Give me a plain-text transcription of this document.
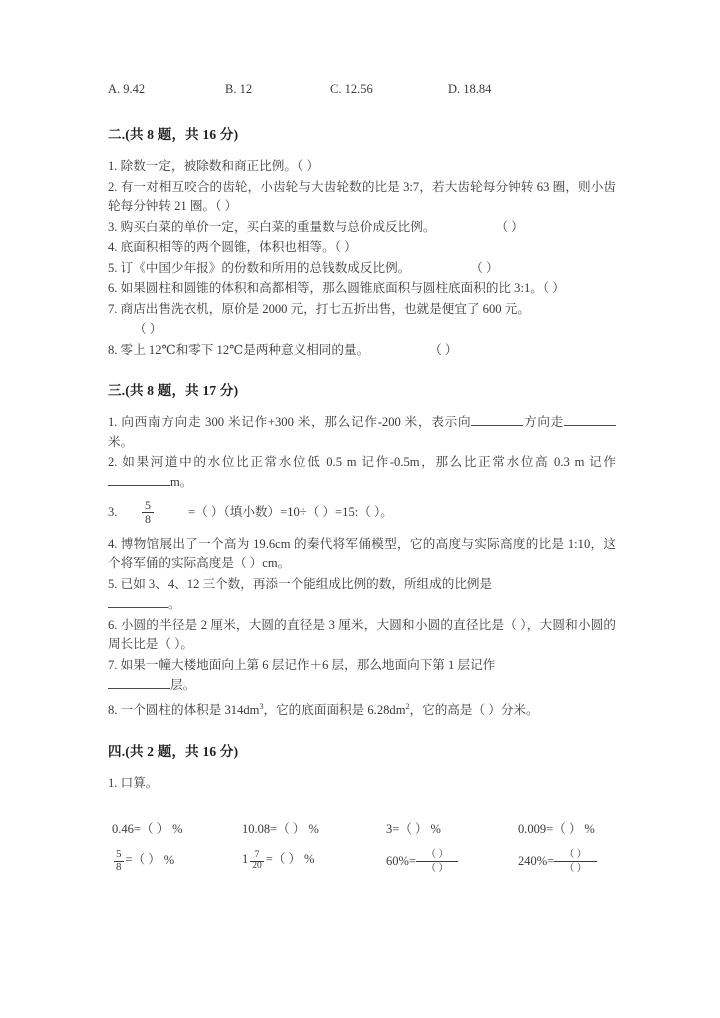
A. 9.42	B. 12	C. 12.56	D. 18.84
二.(共 8 题，共 16 分)
1. 除数一定，被除数和商正比例。（ ）
2. 有一对相互咬合的齿轮，小齿轮与大齿轮数的比是 3:7，若大齿轮每分钟转 63 圈，则小齿轮每分钟转 21 圈。（ ）
3. 购买白菜的单价一定，买白菜的重量数与总价成反比例。	（ ）
4. 底面积相等的两个圆锥，体积也相等。（ ）
5. 订《中国少年报》的份数和所用的总钱数成反比例。	（ ）
6. 如果圆柱和圆锥的体积和高都相等，那么圆锥底面积与圆柱底面积的比 3:1。（ ）
7. 商店出售洗衣机，原价是 2000 元，打七五折出售，也就是便宜了 600 元。
（ ）
8. 零上 12℃和零下 12℃是两种意义相同的量。	（ ）
三.(共 8 题，共 17 分)
1. 向西南方向走 300 米记作+300 米，那么记作-200 米，表示向	方向走米。
2. 如果河道中的水位比正常水位低 0.5 m 记作-0.5m，那么比正常水位高 0.3 m 记作m。
3. $\frac{5}{8}$	=（ ）（填小数）=10÷（ ）=15:（ ）。
4. 博物馆展出了一个高为 19.6cm 的秦代将军俑模型，它的高度与实际高度的比是 1:10，这个将军俑的实际高度是（ ）cm。
5. 已如 3、4、12 三个数，再添一个能组成比例的数，所组成的比例是
。
6. 小圆的半径是 2 厘米，大圆的直径是 3 厘米，大圆和小圆的直径比是（ ），大圆和小圆的周长比是（ ）。
7. 如果一幢大楼地面向上第 6 层记作＋6 层，那么地面向下第 1 层记作
层。
8. 一个圆柱的体积是 $314dm^3$，它的底面面积是 $6.28dm^2$，它的高是（ ）分米。
四.(共 2 题，共 16 分)
1. 口算。
0.46=（ ） %	10.08=（ ） %	3=（ ） %	0.009=（ ） %
$\frac{5}{8}$ =（ ） %	$1 \frac{7}{20}$ =（ ） %	$60\%= \frac{( )}{( )}$	$240\%= \frac{( )}{( )}$
